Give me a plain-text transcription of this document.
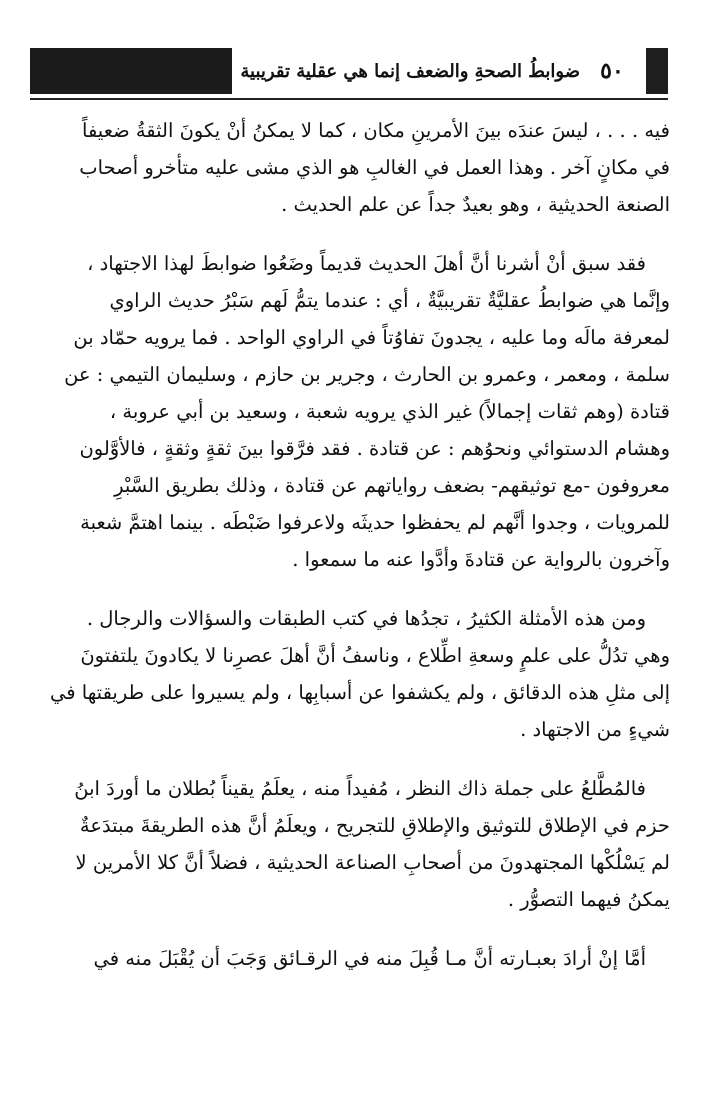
٥٠
ضوابطُ الصحةِ والضعف إنما هي عقلية تقريبية
فيه . . . ، ليسَ عندَه بينَ الأمرينِ مكان ، كما لا يمكنُ أنْ يكونَ الثقةُ ضعيفاً
في مكانٍ آخر . وهذا العمل في الغالبِ هو الذي مشى عليه متأخرو أصحاب
الصنعة الحديثية ، وهو بعيدٌ جداً عن علم الحديث .
فقد سبق أنْ أشرنا أنَّ أهلَ الحديث قديماً وضَعُوا ضوابطَ لهذا الاجتهاد ،
وإنَّما هي ضوابطُ عقليَّةٌ تقريبيَّةٌ ، أي : عندما يتمُّ لَهم سَبْرُ حديث الراوي
لمعرفة مالَه وما عليه ، يجدونَ تفاوُتاً في الراوي الواحد . فما يرويه حمّاد بن
سلمة ، ومعمر ، وعمرو بن الحارث ، وجرير بن حازم ، وسليمان التيمي : عن
قتادة (وهم ثقات إجمالاً) غير الذي يرويه شعبة ، وسعيد بن أبي عروبة ،
وهشام الدستوائي ونحوُهم : عن قتادة . فقد فرَّقوا بينَ ثقةٍ وثقةٍ ، فالأوَّلون
معروفون -مع توثيقهم- بضعف رواياتهم عن قتادة ، وذلك بطريق السَّبْرِ
للمرويات ، وجدوا أنَّهم لم يحفظوا حديثَه ولاعرفوا ضَبْطَه . بينما اهتمَّ شعبة
وآخرون بالرواية عن قتادةَ وأدَّوا عنه ما سمعوا .
ومن هذه الأمثلة الكثيرُ ، تجدُها في كتب الطبقات والسؤالات والرجال .
وهي تدُلُّ على علمٍ وسعةِ اطِّلاع ، وناسفُ أنَّ أهلَ عصرِنا لا يكادونَ يلتفتونَ
إلى مثلِ هذه الدقائق ، ولم يكشفوا عن أسبابِها ، ولم يسيروا على طريقتها في
شيءٍ من الاجتهاد .
فالمُطَّلعُ على جملة ذاك النظر ، مُفيداً منه ، يعلَمُ يقيناً بُطلان ما أوردَ ابنُ
حزم في الإطلاق للتوثيق والإطلاقِ للتجريح ، ويعلَمُ أنَّ هذه الطريقةَ مبتدَعةٌ
لم يَسْلُكْها المجتهدونَ من أصحابِ الصناعة الحديثية ، فضلاً أنَّ كلا الأمرين لا
يمكنُ فيهما التصوُّر .
أمَّا إنْ أرادَ بعبـارته أنَّ مـا قُبِلَ منه في الرقـائق وَجَبَ أن يُقْبَلَ منه في
